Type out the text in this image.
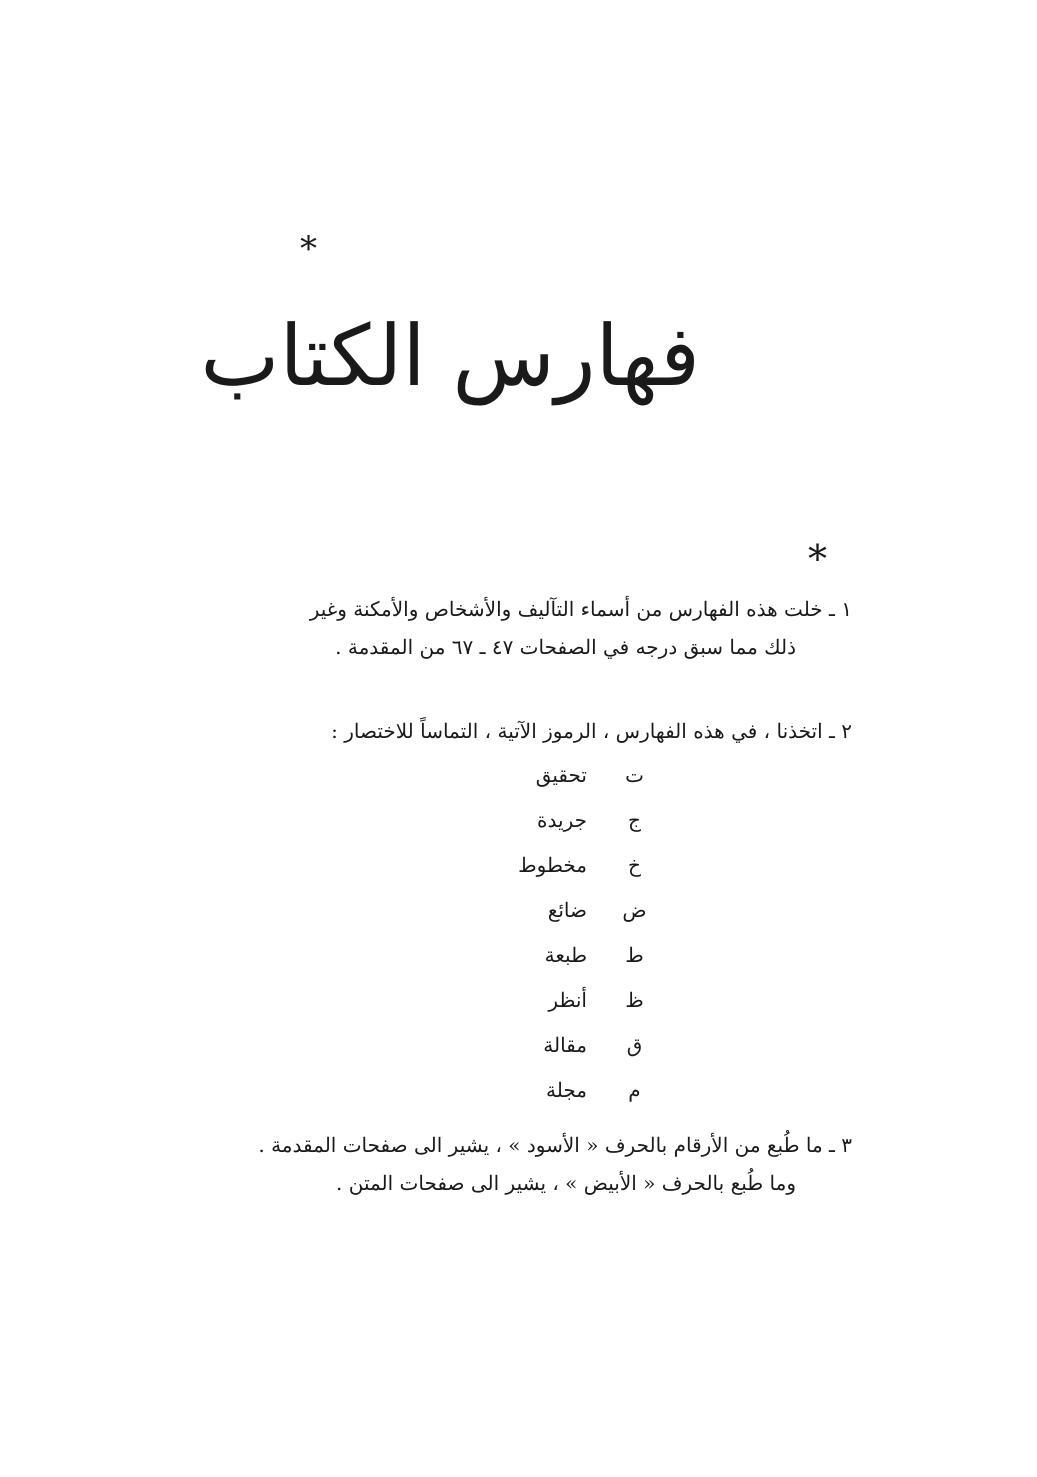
*
فهارس الكتاب
*
١ ـ خلت هذه الفهارس من أسماء التآليف والأشخاص والأمكنة وغير
ذلك مما سبق درجه في الصفحات ٤٧ ـ ٦٧ من المقدمة .
٢ ـ اتخذنا ، في هذه الفهارس ، الرموز الآتية ، التماساً للاختصار :
ت
تحقيق
ج
جريدة
خ
مخطوط
ض
ضائع
ط
طبعة
ظ
أنظر
ق
مقالة
م
مجلة
٣ ـ ما طُبع من الأرقام بالحرف « الأسود » ، يشير الى صفحات المقدمة .
وما طُبع بالحرف « الأبيض » ، يشير الى صفحات المتن .
